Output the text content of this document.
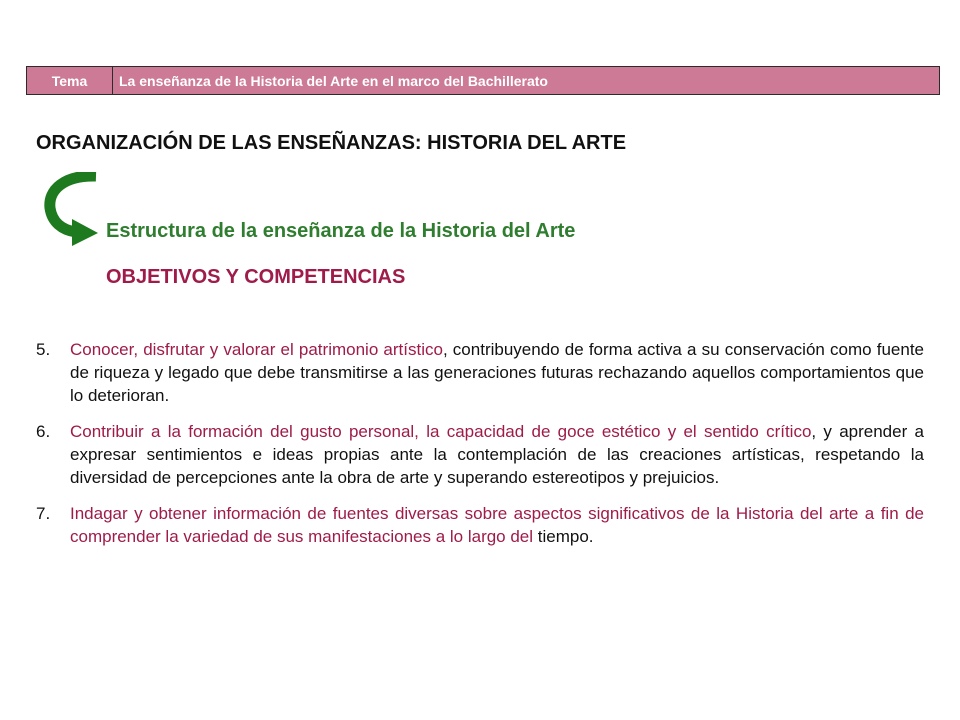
Tema	La enseñanza de la Historia del Arte en el marco del Bachillerato
ORGANIZACIÓN DE LAS ENSEÑANZAS: HISTORIA DEL ARTE
Estructura de la enseñanza de la Historia del Arte
OBJETIVOS Y COMPETENCIAS
5.	Conocer, disfrutar y valorar el patrimonio artístico, contribuyendo de forma activa a su conservación como fuente de riqueza y legado que debe transmitirse a las generaciones futuras rechazando aquellos comportamientos que lo deterioran.
6.	Contribuir a la formación del gusto personal, la capacidad de goce estético y el sentido crítico, y aprender a expresar sentimientos e ideas propias ante la contemplación de las creaciones artísticas, respetando la diversidad de percepciones ante la obra de arte y superando estereotipos y prejuicios.
7.	Indagar y obtener información de fuentes diversas sobre aspectos significativos de la Historia del arte a fin de comprender la variedad de sus manifestaciones a lo largo del tiempo.
